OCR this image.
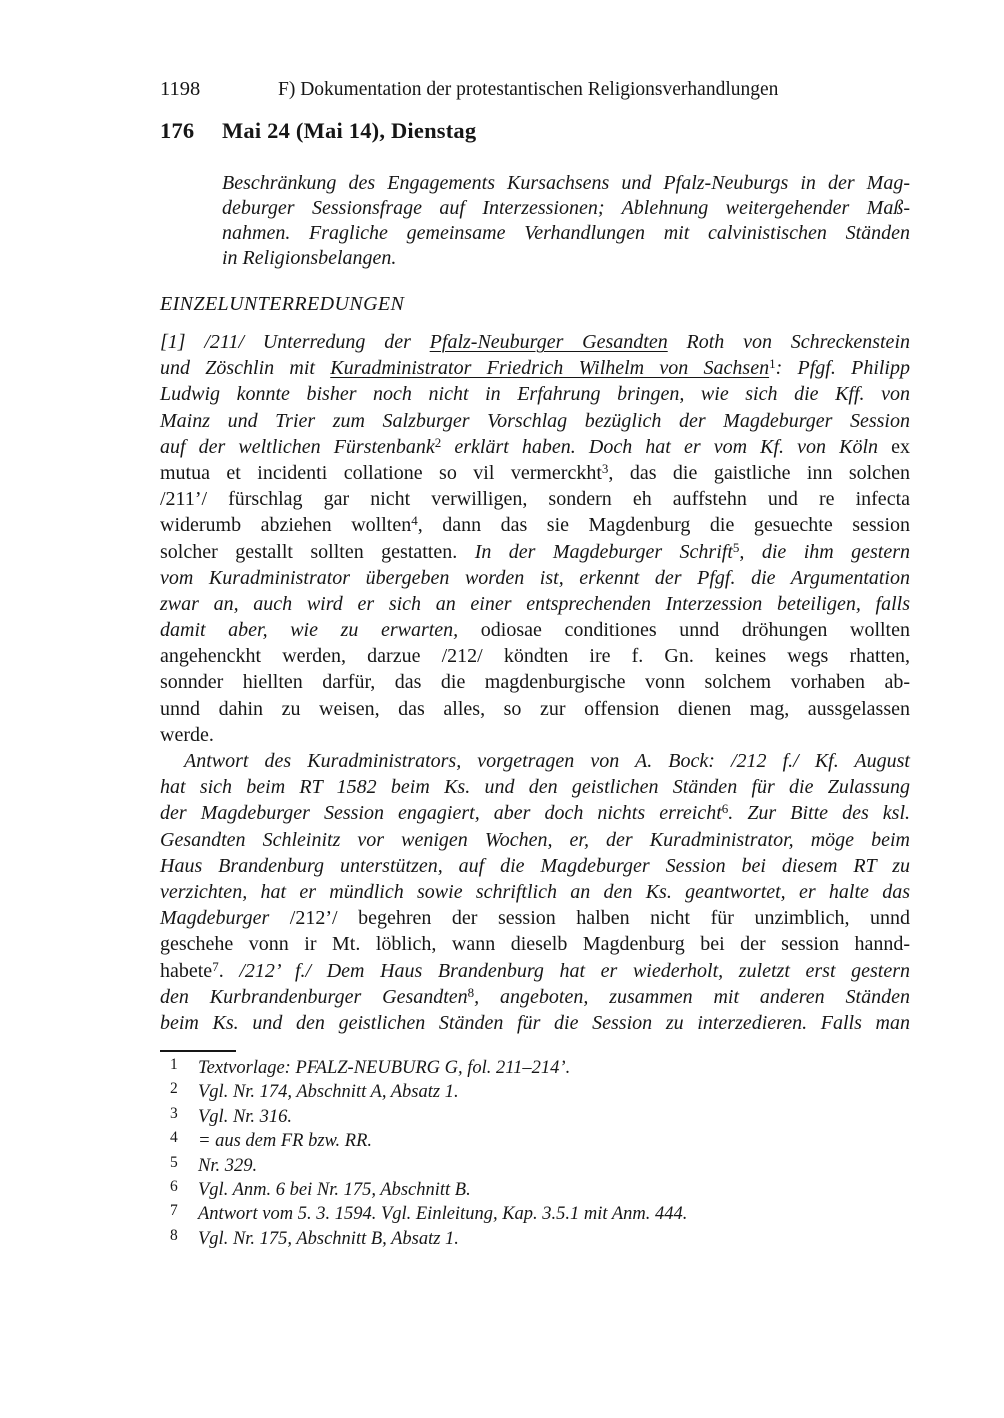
1198	F) Dokumentation der protestantischen Religionsverhandlungen
176 Mai 24 (Mai 14), Dienstag
Beschränkung des Engagements Kursachsens und Pfalz-Neuburgs in der Mag-
deburger Sessionsfrage auf Interzessionen; Ablehnung weitergehender Maß-
nahmen. Fragliche gemeinsame Verhandlungen mit calvinistischen Ständen
in Religionsbelangen.
EINZELUNTERREDUNGEN
[1] /211/ Unterredung der Pfalz-Neuburger Gesandten Roth von Schreckenstein
und Zöschlin mit Kuradministrator Friedrich Wilhelm von Sachsen$^1$: Pfgf. Philipp
Ludwig konnte bisher noch nicht in Erfahrung bringen, wie sich die Kff. von
Mainz und Trier zum Salzburger Vorschlag bezüglich der Magdeburger Session
auf der weltlichen Fürstenbank$^2$ erklärt haben. Doch hat er vom Kf. von Köln ex
mutua et incidenti collatione so vil vermerckht$^3$, das die gaistliche inn solchen
/211’/ fürschlag gar nicht verwilligen, sondern eh auffstehn und re infecta
widerumb abziehen wollten$^4$, dann das sie Magdenburg die gesuechte session
solcher gestallt sollten gestatten. In der Magdeburger Schrift$^5$, die ihm gestern
vom Kuradministrator übergeben worden ist, erkennt der Pfgf. die Argumentation
zwar an, auch wird er sich an einer entsprechenden Interzession beteiligen, falls
damit aber, wie zu erwarten, odiosae conditiones unnd dröhungen wollten
angehenckht werden, darzue /212/ köndten ire f. Gn. keines wegs rhatten,
sonnder hiellten darfür, das die magdenburgische vonn solchem vorhaben ab-
unnd dahin zu weisen, das alles, so zur offension dienen mag, aussgelassen
werde.
Antwort des Kuradministrators, vorgetragen von A. Bock: /212 f./ Kf. August
hat sich beim RT 1582 beim Ks. und den geistlichen Ständen für die Zulassung
der Magdeburger Session engagiert, aber doch nichts erreicht$^6$. Zur Bitte des ksl.
Gesandten Schleinitz vor wenigen Wochen, er, der Kuradministrator, möge beim
Haus Brandenburg unterstützen, auf die Magdeburger Session bei diesem RT zu
verzichten, hat er mündlich sowie schriftlich an den Ks. geantwortet, er halte das
Magdeburger /212’/ begehren der session halben nicht für unzimblich, unnd
geschehe vonn ir Mt. löblich, wann dieselb Magdenburg bei der session hannd-
habete$^7$. /212’ f./ Dem Haus Brandenburg hat er wiederholt, zuletzt erst gestern
den Kurbrandenburger Gesandten$^8$, angeboten, zusammen mit anderen Ständen
beim Ks. und den geistlichen Ständen für die Session zu interzedieren. Falls man
1	Textvorlage: PFALZ-NEUBURG G, fol. 211–214’.
2	Vgl. Nr. 174, Abschnitt A, Absatz 1.
3	Vgl. Nr. 316.
4	= aus dem FR bzw. RR.
5	Nr. 329.
6	Vgl. Anm. 6 bei Nr. 175, Abschnitt B.
7	Antwort vom 5. 3. 1594. Vgl. Einleitung, Kap. 3.5.1 mit Anm. 444.
8	Vgl. Nr. 175, Abschnitt B, Absatz 1.
